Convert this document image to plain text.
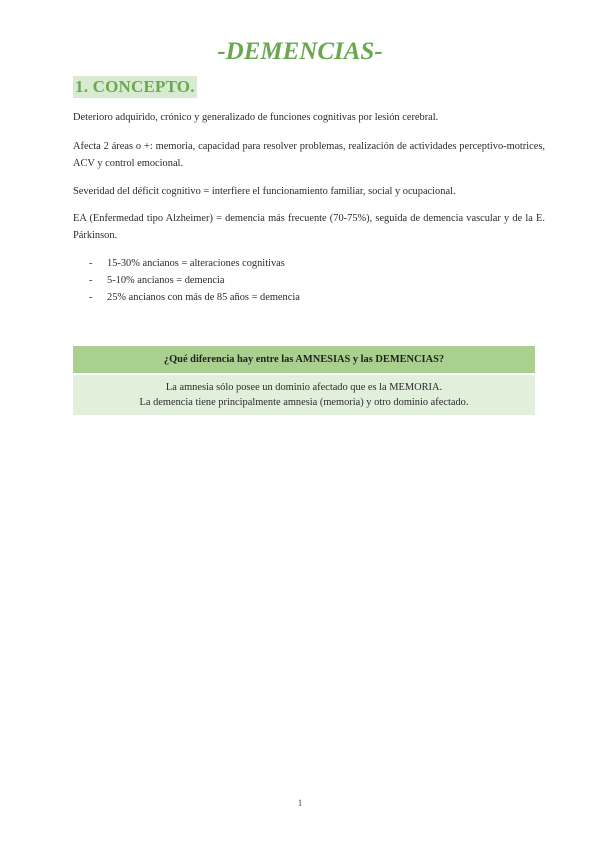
-DEMENCIAS-
1. CONCEPTO.

Deterioro adquirido, crónico y generalizado de funciones cognitivas por lesión cerebral.

Afecta 2 áreas o +: memoria, capacidad para resolver problemas, realización de actividades perceptivo-motrices, ACV y control emocional.

Severidad del déficit cognitivo = interfiere el funcionamiento familiar, social y ocupacional.

EA (Enfermedad tipo Alzheimer) = demencia más frecuente (70-75%), seguida de demencia vascular y de la E. Párkinson.

- 15-30% ancianos = alteraciones cognitivas
- 5-10% ancianos = demencia
- 25% ancianos con más de 85 años = demencia
¿Qué diferencia hay entre las AMNESIAS y las DEMENCIAS?
La amnesia sólo posee un dominio afectado que es la MEMORIA.
La demencia tiene principalmente amnesia (memoria) y otro dominio afectado.
1
